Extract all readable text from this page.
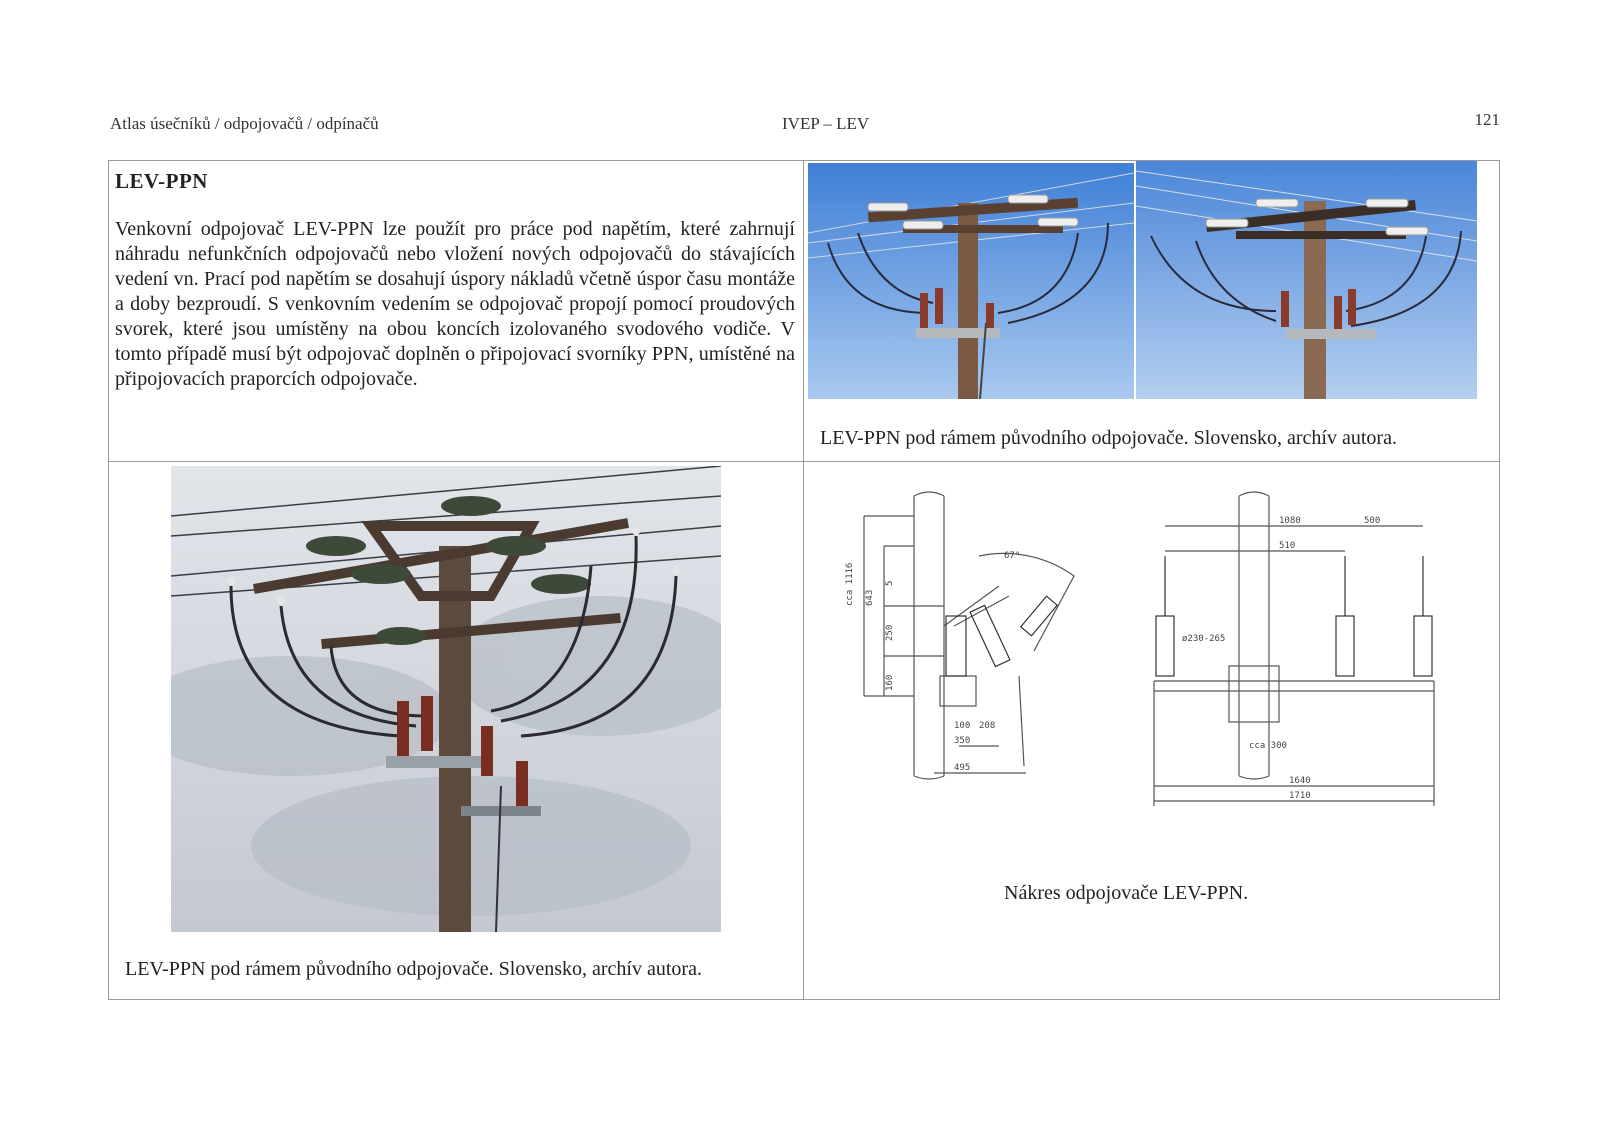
Atlas úsečníků / odpojovačů / odpínačů	IVEP – LEV	121
LEV-PPN
Venkovní odpojovač LEV-PPN lze použít pro práce pod napětím, které zahrnují náhradu nefunkčních odpojovačů nebo vložení nových odpojovačů do stávajících vedení vn. Prací pod napětím se dosahují úspory nákladů včetně úspor času montáže a doby bezproudí. S venkovním vedením se odpojovač propojí pomocí proudových svorek, které jsou umístěny na obou koncích izolovaného svodového vodiče. V tomto případě musí být odpojovač doplněn o připojovací svorníky PPN, umístěné na připojovacích praporcích odpojovače.
LEV-PPN pod rámem původního odpojovače. Slovensko, archív autora.
LEV-PPN pod rámem původního odpojovače. Slovensko, archív autora.
cca 1116 643
5
250
160
67°
100 208
350
495
1080	500
510
ø230-265
cca 300
1640
1710
Nákres odpojovače LEV-PPN.
